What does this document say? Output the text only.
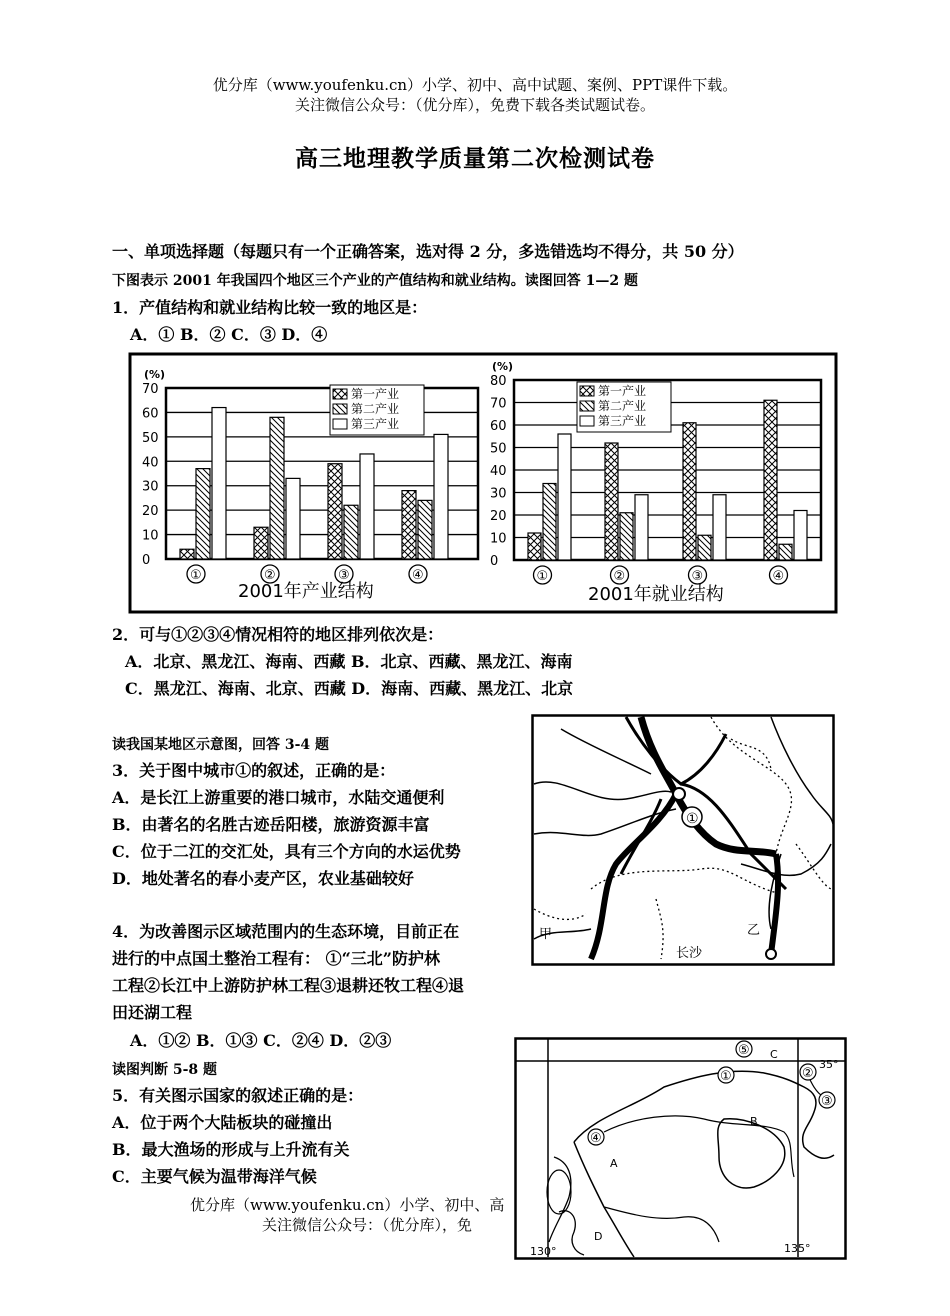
优分库（www.youfenku.cn）小学、初中、高中试题、案例、PPT课件下载。
关注微信公众号：（优分库），免费下载各类试题试卷。
高三地理教学质量第二次检测试卷
一、单项选择题（每题只有一个正确答案，选对得 2 分，多选错选均不得分，共 50 分）
下图表示 2001 年我国四个地区三个产业的产值结构和就业结构。读图回答 1—2 题
1．产值结构和就业结构比较一致的地区是：
A．① B．② C．③ D．④
0
10
20
30
40
50
60
70
(%)
①	②	③	④
第一产业
第二产业
第三产业
2001年产业结构
0
10
20
30
40
50
60
70
80
(%)
①	②	③	④
第一产业
第二产业
第三产业
2001年就业结构
2．可与①②③④情况相符的地区排列依次是：
A．北京、黑龙江、海南、西藏 B．北京、西藏、黑龙江、海南
C．黑龙江、海南、北京、西藏 D．海南、西藏、黑龙江、北京
①
甲	乙
长沙
读我国某地区示意图，回答 3-4 题
3．关于图中城市①的叙述，正确的是：
A．是长江上游重要的港口城市，水陆交通便利
B．由著名的名胜古迹岳阳楼，旅游资源丰富
C．位于二江的交汇处，具有三个方向的水运优势
D．地处著名的春小麦产区，农业基础较好
4．为改善图示区域范围内的生态环境，目前正在
进行的中点国土整治工程有： ①“三北”防护林
工程②长江中上游防护林工程③退耕还牧工程④退
田还湖工程
A．①② B．①③ C．②④ D．②③
读图判断 5-8 题
5．有关图示国家的叙述正确的是：
A．位于两个大陆板块的碰撞出
B．最大渔场的形成与上升流有关
C．主要气候为温带海洋气候
优分库（www.youfenku.cn）小学、初中、高
关注微信公众号：（优分库），免
⑤
①	②
③
④
A
B
C
D
35°
130°	135°
